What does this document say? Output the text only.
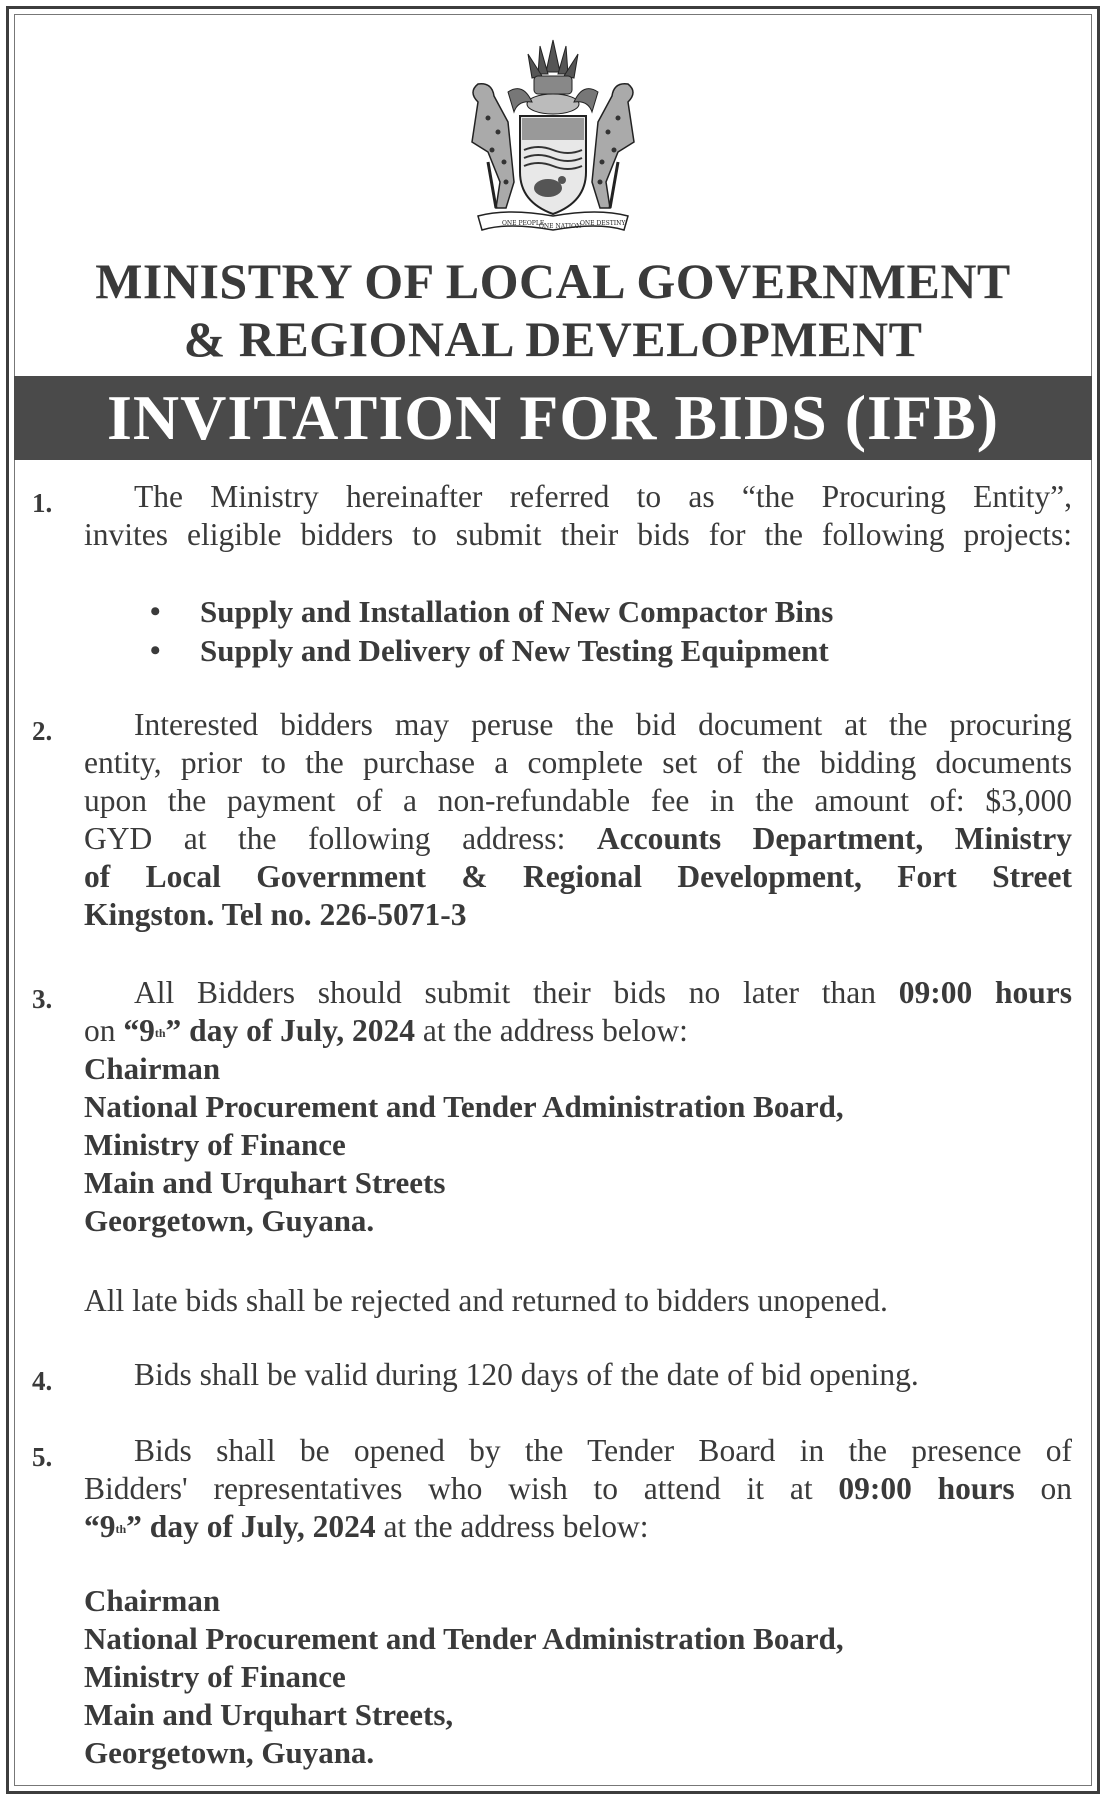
ONE PEOPLE
ONE NATION
ONE DESTINY
MINISTRY OF LOCAL GOVERNMENT
& REGIONAL DEVELOPMENT
INVITATION FOR BIDS (IFB)
1.	The Ministry hereinafter referred to as “the Procuring Entity”,
invites eligible bidders to submit their bids for the following projects:
• Supply and Installation of New Compactor Bins
• Supply and Delivery of New Testing Equipment
2.	Interested bidders may peruse the bid document at the procuring
entity, prior to the purchase a complete set of the bidding documents
upon the payment of a non-refundable fee in the amount of: $3,000
GYD at the following address: Accounts Department, Ministry
of Local Government & Regional Development, Fort Street
Kingston. Tel no. 226-5071-3
3.	All Bidders should submit their bids no later than 09:00 hours
on “9th” day of July, 2024 at the address below:
Chairman
National Procurement and Tender Administration Board,
Ministry of Finance
Main and Urquhart Streets
Georgetown, Guyana.
All late bids shall be rejected and returned to bidders unopened.
4.	Bids shall be valid during 120 days of the date of bid opening.
5.	Bids shall be opened by the Tender Board in the presence of
Bidders' representatives who wish to attend it at 09:00 hours on
“9th” day of July, 2024 at the address below:
Chairman
National Procurement and Tender Administration Board,
Ministry of Finance
Main and Urquhart Streets,
Georgetown, Guyana.
